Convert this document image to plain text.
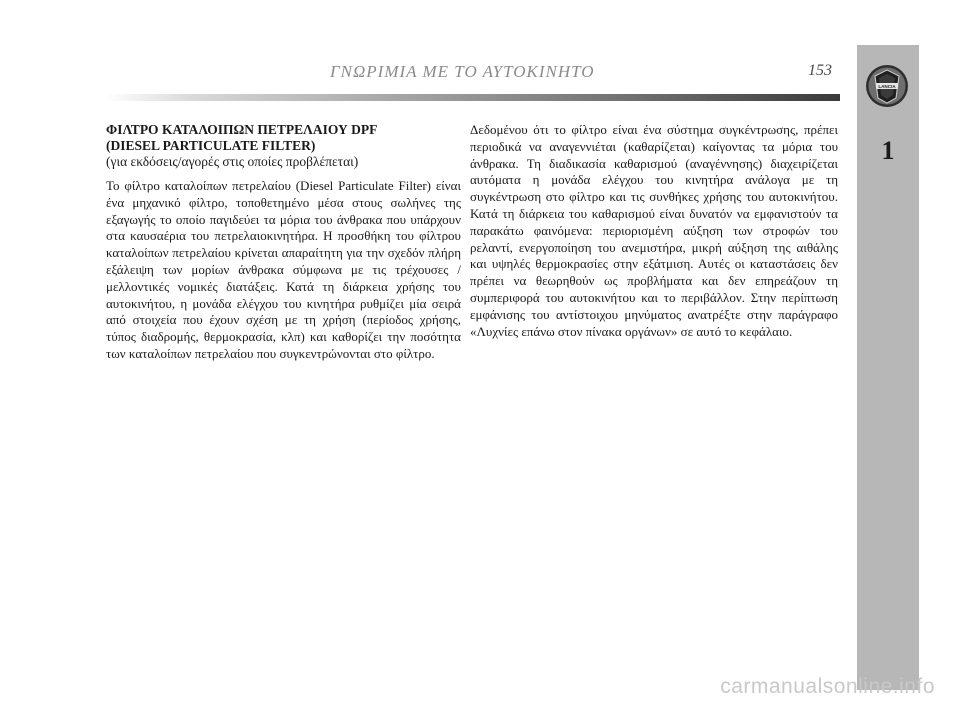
ΓΝΩΡΙΜΙΑ ΜΕ ΤΟ ΑΥΤΟΚΙΝΗΤΟ	153
LANCIA
1

ΦΙΛΤΡΟ ΚΑΤΑΛΟΙΠΩΝ ΠΕΤΡΕΛΑΙΟΥ DPF

(DIESEL PARTICULATE FILTER)

(για εκδόσεις/αγορές στις οποίες προβλέπεται)

Το φίλτρο καταλοίπων πετρελαίου (Diesel Particulate Filter) είναι ένα μηχανικό φίλτρο, τοποθετημένο μέσα στους σωλήνες της εξαγωγής το οποίο παγιδεύει τα μόρια του άνθρακα που υπάρχουν στα καυσαέρια του πετρελαιοκινητήρα. Η προσθήκη του φίλτρου καταλοίπων πετρελαίου κρίνεται απαραίτητη για την σχεδόν πλήρη εξάλειψη των μορίων άνθρακα σύμφωνα με τις τρέχουσες / μελλοντικές νομικές διατάξεις. Κατά τη διάρκεια χρήσης του αυτοκινήτου, η μονάδα ελέγχου του κινητήρα ρυθμίζει μία σειρά από στοιχεία που έχουν σχέση με τη χρήση (περίοδος χρήσης, τύπος διαδρομής, θερμοκρασία, κλπ) και καθορίζει την ποσότητα των καταλοίπων πετρελαίου που συγκεντρώνονται στο φίλτρο.

Δεδομένου ότι το φίλτρο είναι ένα σύστημα συγκέντρωσης, πρέπει περιοδικά να αναγεννιέται (καθαρίζεται) καίγοντας τα μόρια του άνθρακα. Τη διαδικασία καθαρισμού (αναγέννησης) διαχειρίζεται αυτόματα η μονάδα ελέγχου του κινητήρα ανάλογα με τη συγκέντρωση στο φίλτρο και τις συνθήκες χρήσης του αυτοκινήτου. Κατά τη διάρκεια του καθαρισμού είναι δυνατόν να εμφανιστούν τα παρακάτω φαινόμενα: περιορισμένη αύξηση των στροφών του ρελαντί, ενεργοποίηση του ανεμιστήρα, μικρή αύξηση της αιθάλης και υψηλές θερμοκρασίες στην εξάτμιση. Αυτές οι καταστάσεις δεν πρέπει να θεωρηθούν ως προβλήματα και δεν επηρεάζουν τη συμπεριφορά του αυτοκινήτου και το περιβάλλον. Στην περίπτωση εμφάνισης του αντίστοιχου μηνύματος ανατρέξτε στην παράγραφο «Λυχνίες επάνω στον πίνακα οργάνων» σε αυτό το κεφάλαιο.

carmanualsonline.info
